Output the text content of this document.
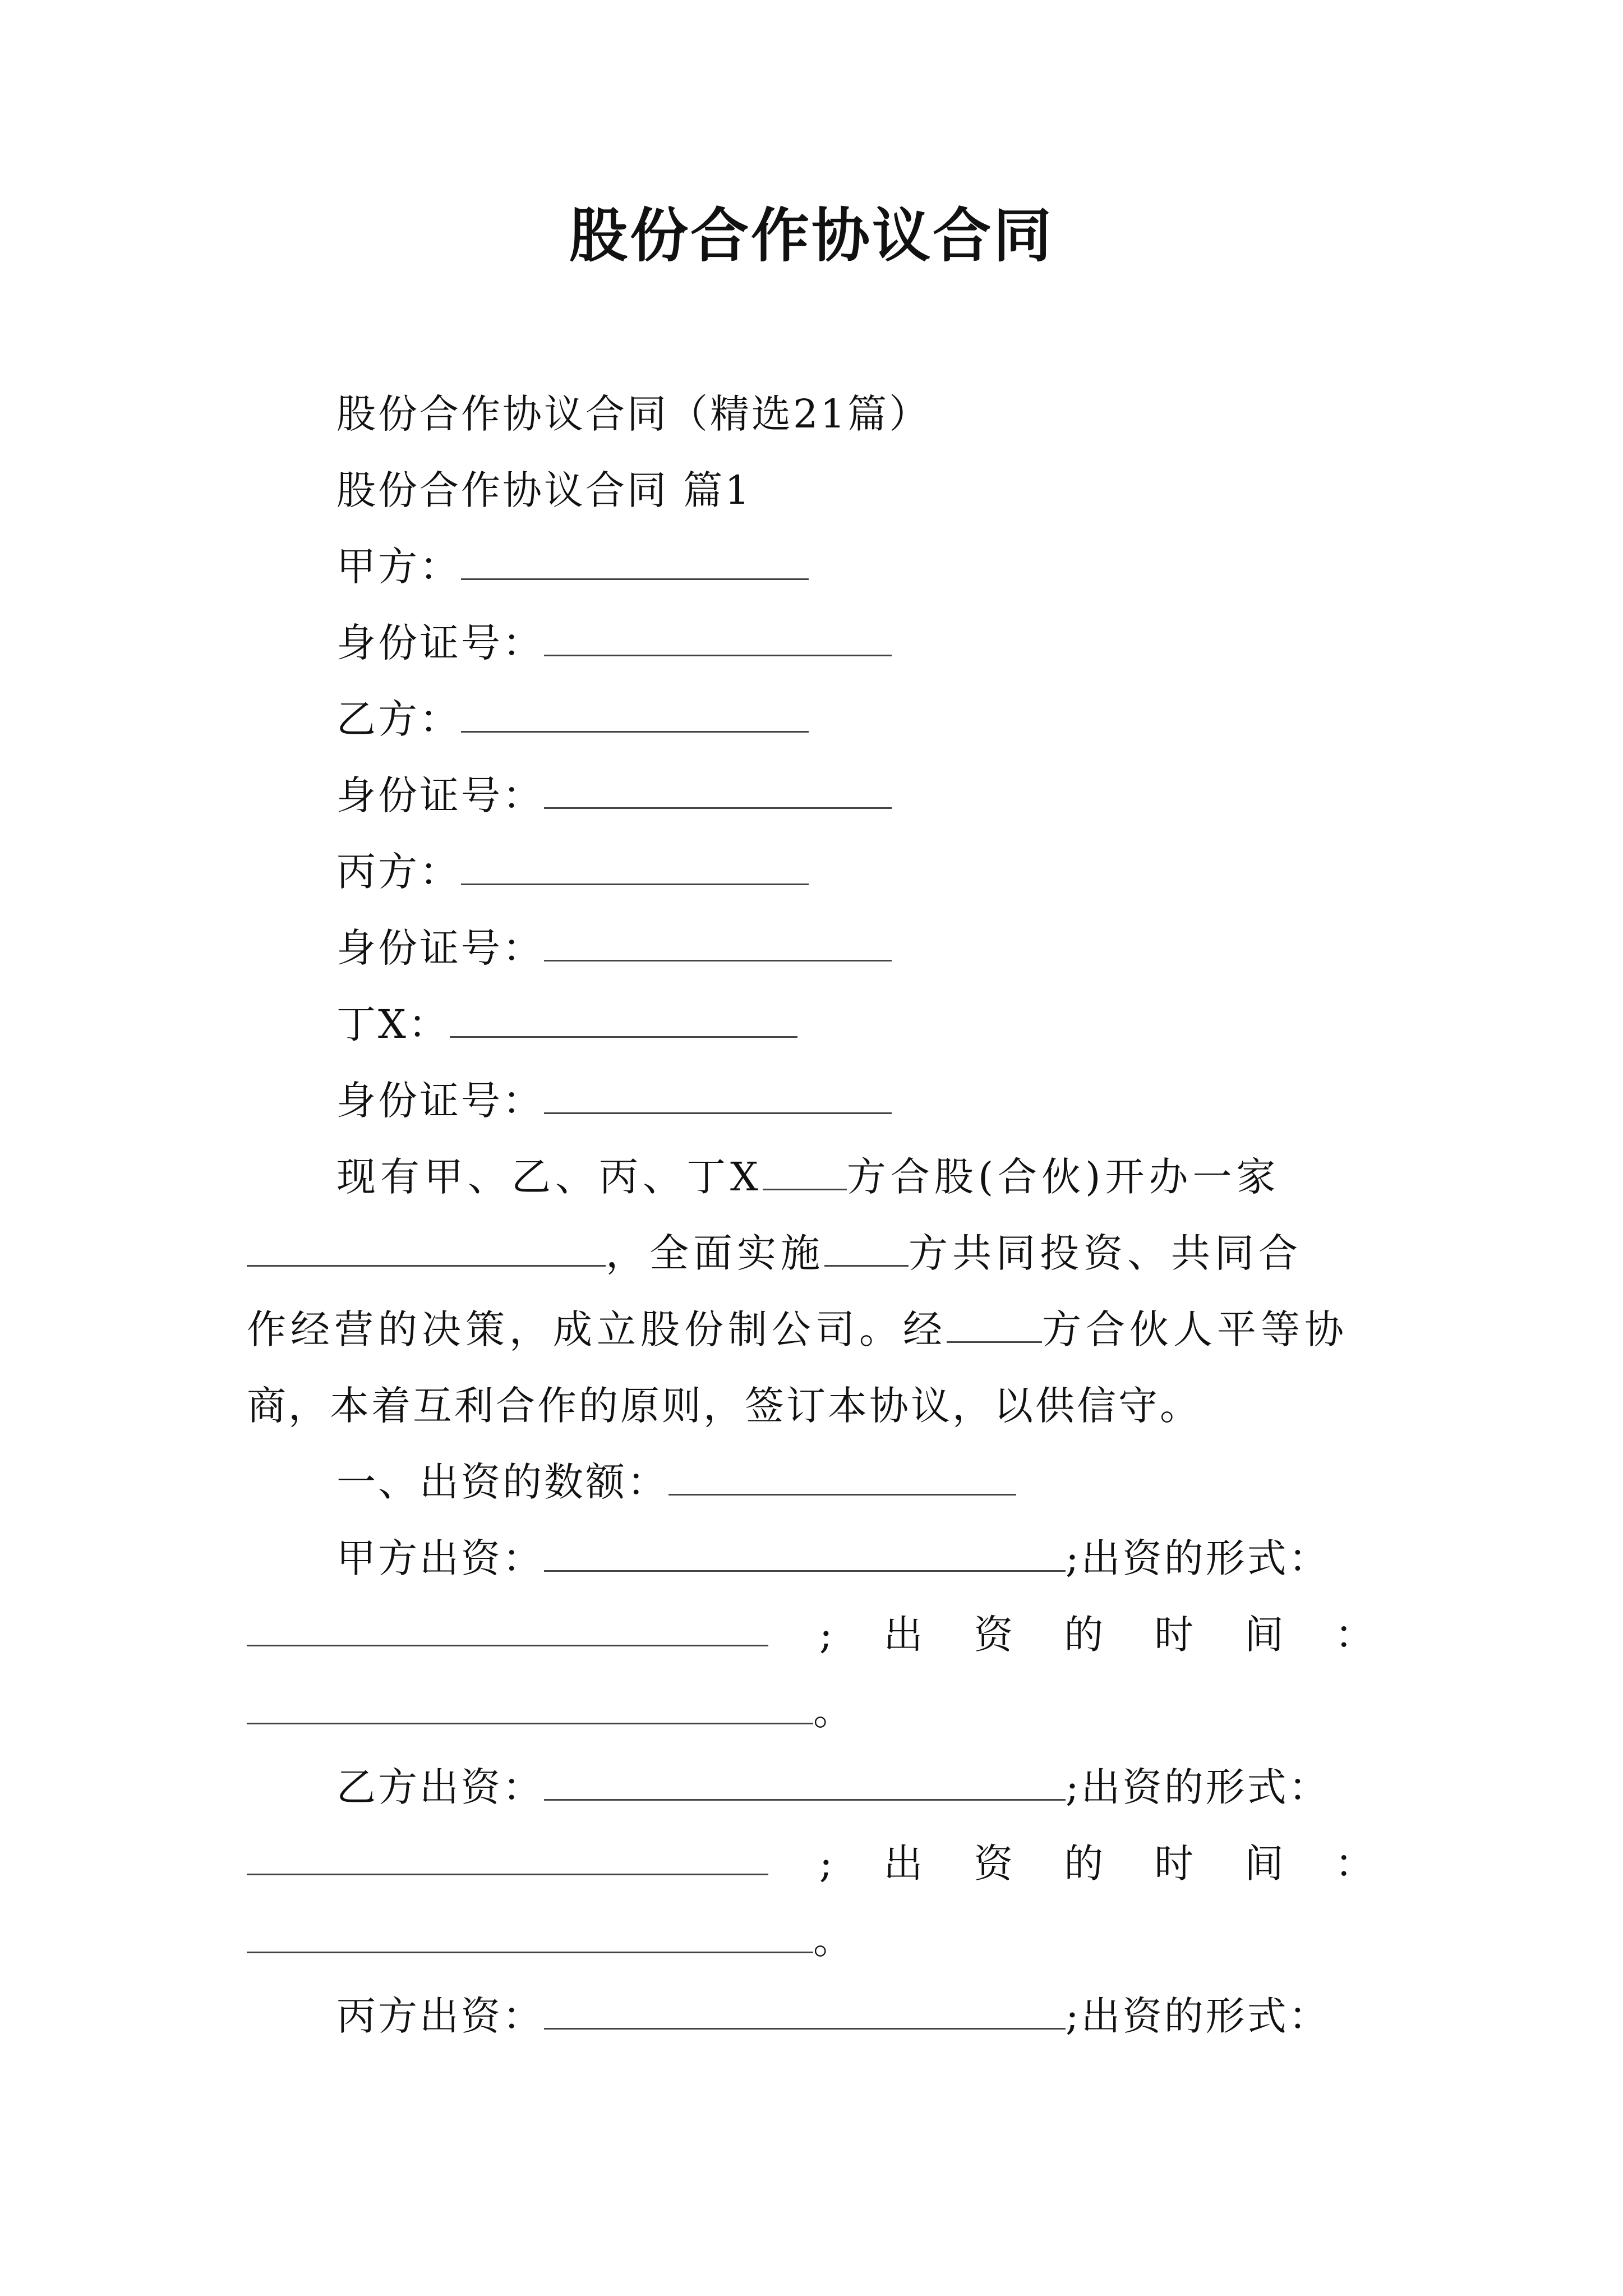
股份合作协议合同
股份合作协议合同（精选21篇）
股份合作协议合同 篇1
甲方：
身份证号：
乙方：
身份证号：
丙方：
身份证号：
丁X：
身份证号：
现有甲、乙、丙、丁X 方合股(合伙)开办一家
，全面实施 方共同投资、共同合
作经营的决策，成立股份制公司。经 方合伙人平等协
商，本着互利合作的原则，签订本协议，以供信守。
一、出资的数额：
甲方出资：	;出资的形式：
; 出 资 的 时 间 ：
。
乙方出资：	;出资的形式：
; 出 资 的 时 间 ：
。
丙方出资：	;出资的形式：
